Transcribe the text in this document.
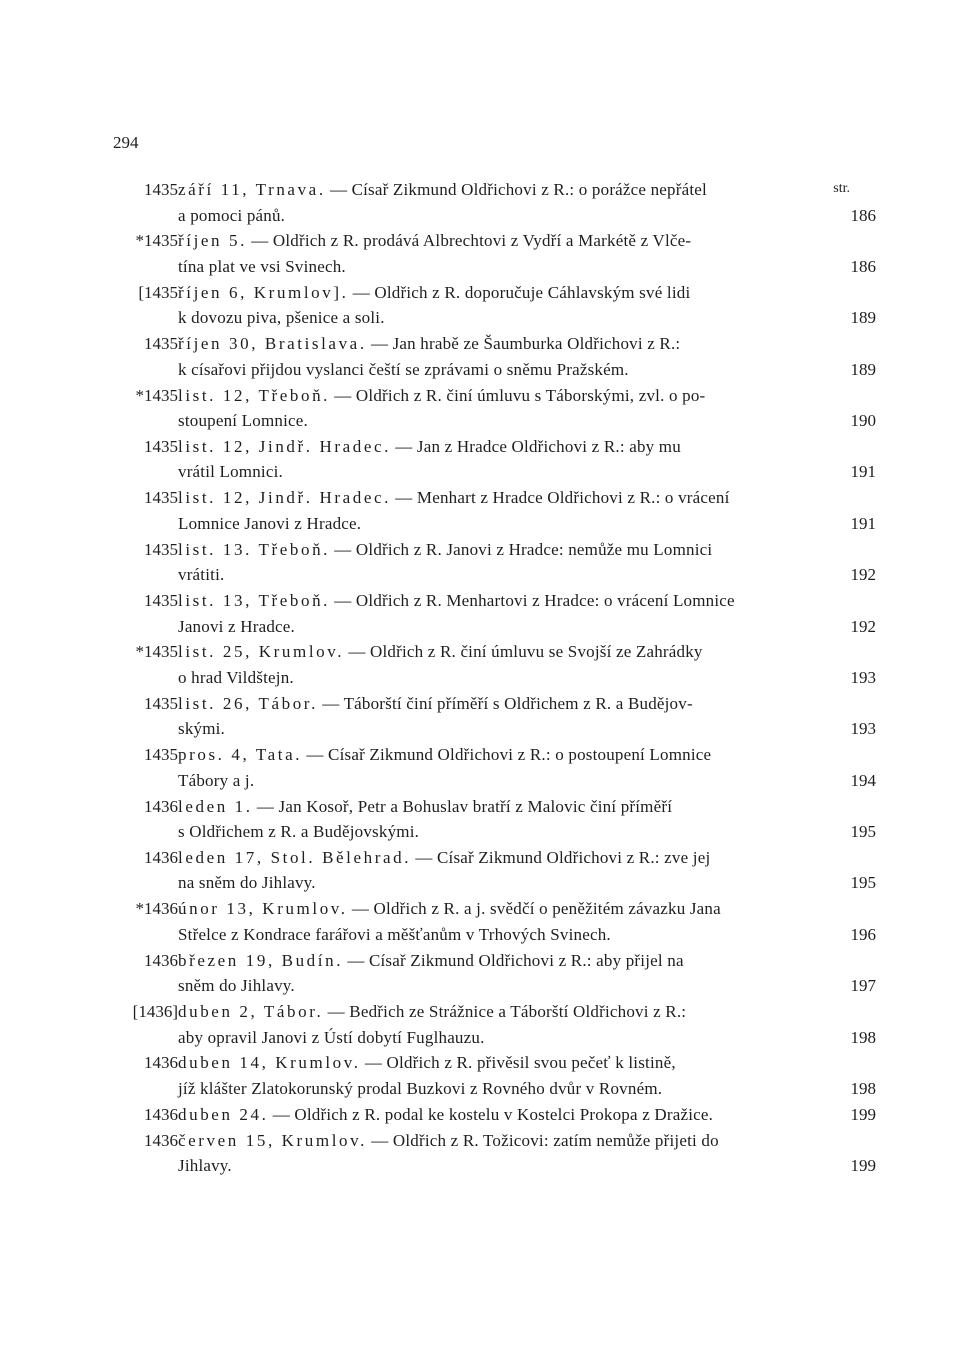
294
str.
1435 září 11, Trnava. — Císař Zikmund Oldřichovi z R.: o porážce nepřátel
a pomoci pánů.	186
*1435 říjen 5. — Oldřich z R. prodává Albrechtovi z Vydří a Markétě z Vlče-
tína plat ve vsi Svinech.	186
[1435 říjen 6, Krumlov]. — Oldřich z R. doporučuje Cáhlavským své lidi
k dovozu piva, pšenice a soli.	189
1435 říjen 30, Bratislava. — Jan hrabě ze Šaumburka Oldřichovi z R.:
k císařovi přijdou vyslanci čeští se zprávami o sněmu Pražském.	189
*1435 list. 12, Třeboň. — Oldřich z R. činí úmluvu s Táborskými, zvl. o po-
stoupení Lomnice.	190
1435 list. 12, Jindř. Hradec. — Jan z Hradce Oldřichovi z R.: aby mu
vrátil Lomnici.	191
1435 list. 12, Jindř. Hradec. — Menhart z Hradce Oldřichovi z R.: o vrácení
Lomnice Janovi z Hradce.	191
1435 list. 13. Třeboň. — Oldřich z R. Janovi z Hradce: nemůže mu Lomnici
vrátiti.	192
1435 list. 13, Třeboň. — Oldřich z R. Menhartovi z Hradce: o vrácení Lomnice
Janovi z Hradce.	192
*1435 list. 25, Krumlov. — Oldřich z R. činí úmluvu se Svojší ze Zahrádky
o hrad Vildštejn.	193
1435 list. 26, Tábor. — Táborští činí příměří s Oldřichem z R. a Budějov-
skými.	193
1435 pros. 4, Tata. — Císař Zikmund Oldřichovi z R.: o postoupení Lomnice
Tábory a j.	194
1436 leden 1. — Jan Kosoř, Petr a Bohuslav bratří z Malovic činí příměří
s Oldřichem z R. a Budějovskými.	195
1436 leden 17, Stol. Bělehrad. — Císař Zikmund Oldřichovi z R.: zve jej
na sněm do Jihlavy.	195
*1436 únor 13, Krumlov. — Oldřich z R. a j. svědčí o peněžitém závazku Jana
Střelce z Kondrace farářovi a měšťanům v Trhových Svinech.	196
1436 březen 19, Budín. — Císař Zikmund Oldřichovi z R.: aby přijel na
sněm do Jihlavy.	197
[1436] duben 2, Tábor. — Bedřich ze Strážnice a Táborští Oldřichovi z R.:
aby opravil Janovi z Ústí dobytí Fuglhauzu.	198
1436 duben 14, Krumlov. — Oldřich z R. přivěsil svou pečeť k listině,
jíž klášter Zlatokorunský prodal Buzkovi z Rovného dvůr v Rovném.	198
1436 duben 24. — Oldřich z R. podal ke kostelu v Kostelci Prokopa z Dražice.	199
1436 červen 15, Krumlov. — Oldřich z R. Tožicovi: zatím nemůže přijeti do
Jihlavy.	199
